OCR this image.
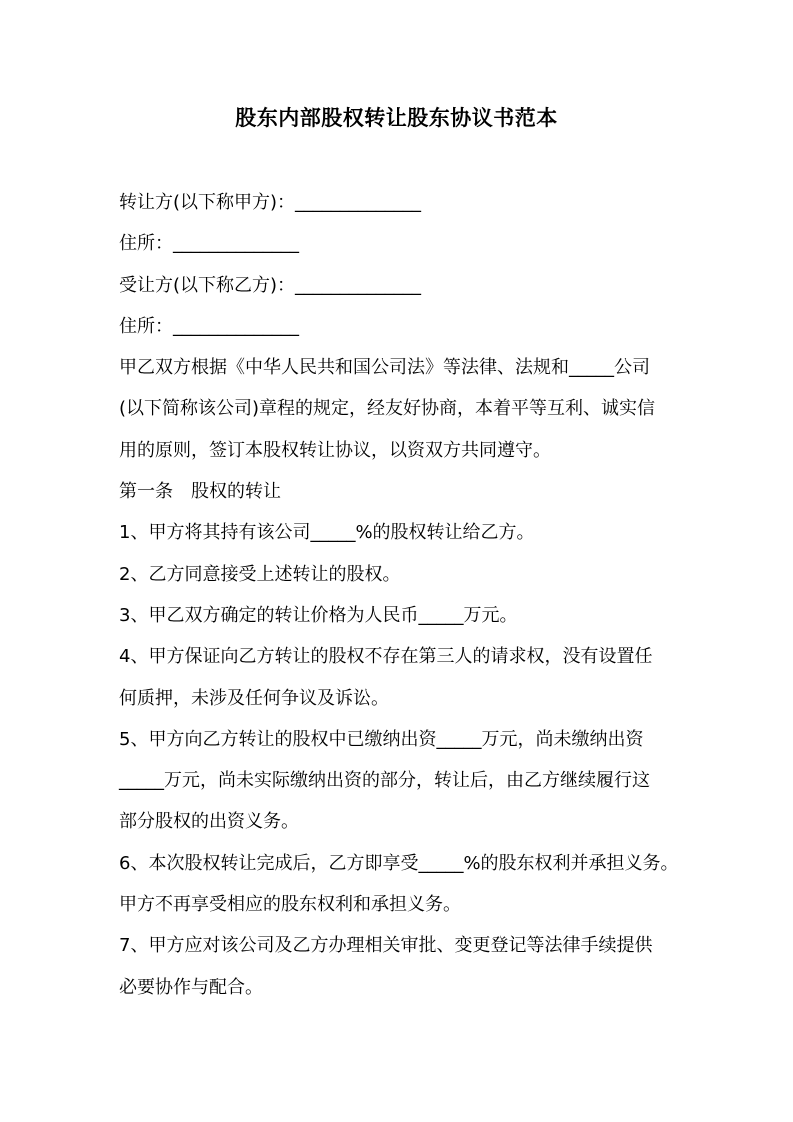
股东内部股权转让股东协议书范本
转让方(以下称甲方)：______________
住所：______________
受让方(以下称乙方)：______________
住所：______________
甲乙双方根据《中华人民共和国公司法》等法律、法规和_____公司
(以下简称该公司)章程的规定，经友好协商，本着平等互利、诚实信
用的原则，签订本股权转让协议，以资双方共同遵守。
第一条　股权的转让
1、甲方将其持有该公司_____%的股权转让给乙方。
2、乙方同意接受上述转让的股权。
3、甲乙双方确定的转让价格为人民币_____万元。
4、甲方保证向乙方转让的股权不存在第三人的请求权，没有设置任
何质押，未涉及任何争议及诉讼。
5、甲方向乙方转让的股权中已缴纳出资_____万元，尚未缴纳出资
_____万元，尚未实际缴纳出资的部分，转让后，由乙方继续履行这
部分股权的出资义务。
6、本次股权转让完成后，乙方即享受_____%的股东权利并承担义务。
甲方不再享受相应的股东权利和承担义务。
7、甲方应对该公司及乙方办理相关审批、变更登记等法律手续提供
必要协作与配合。
